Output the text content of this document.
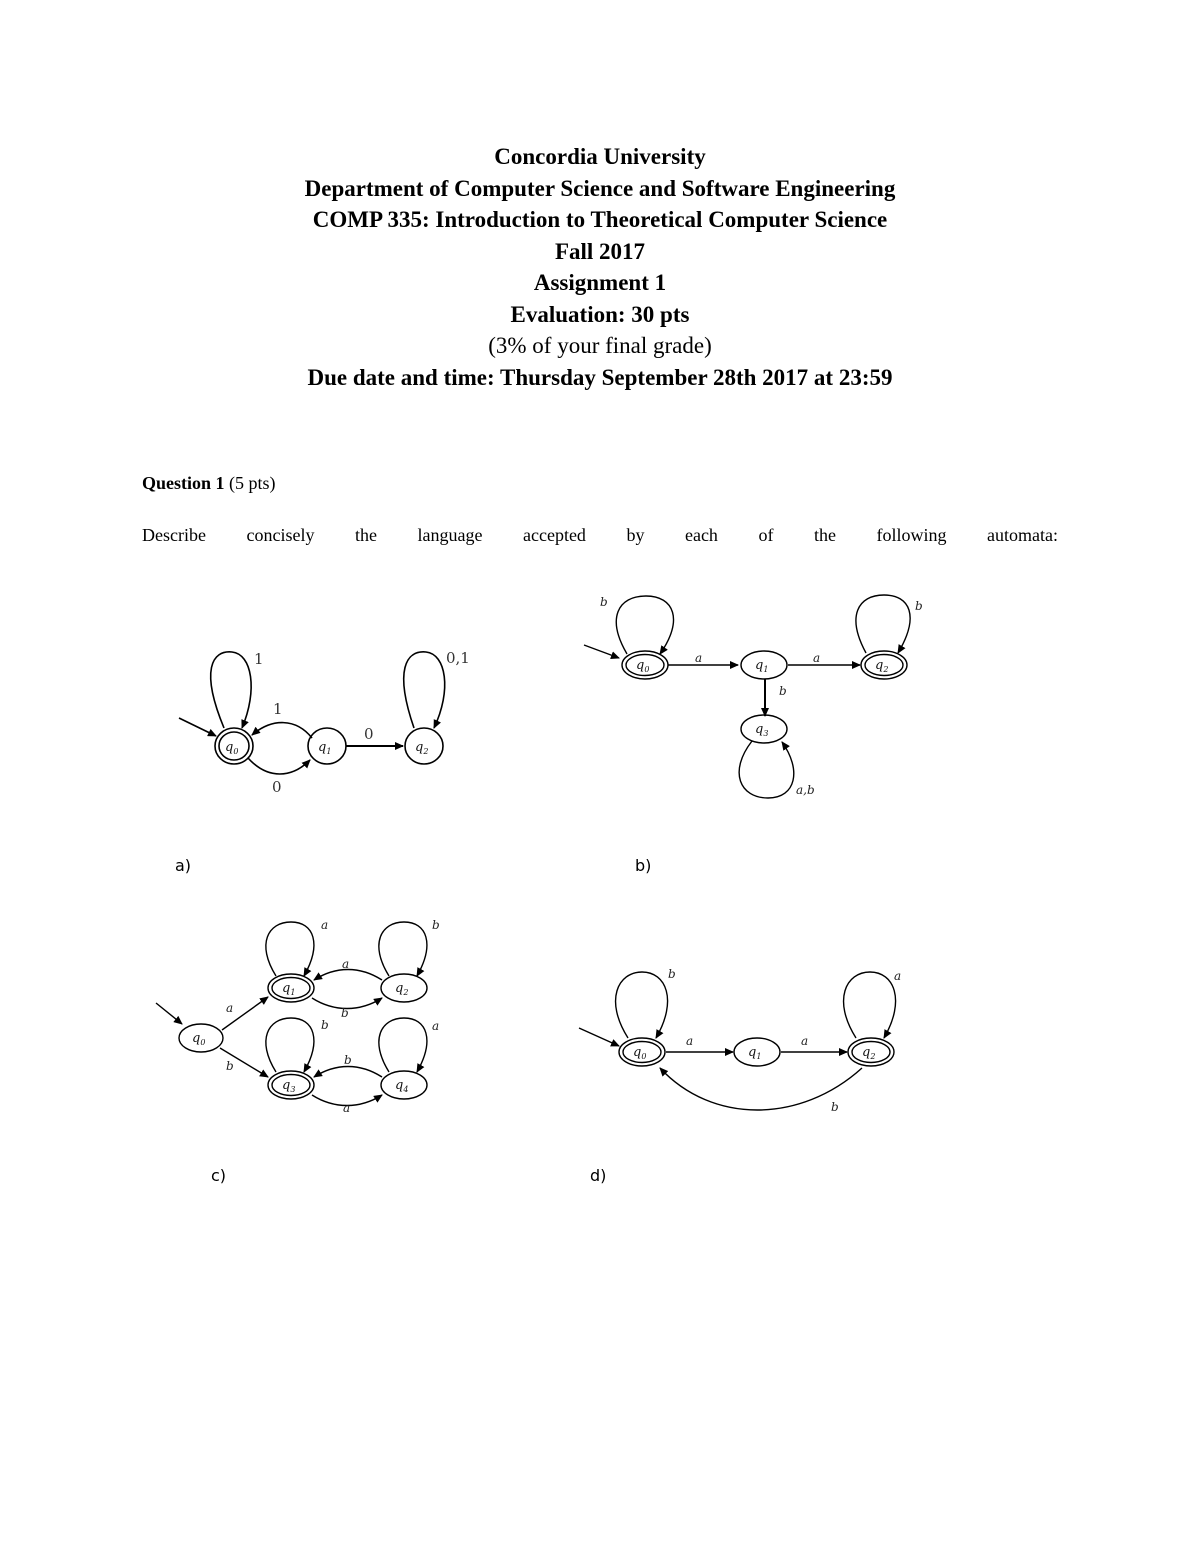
Concordia University
Department of Computer Science and Software Engineering
COMP 335: Introduction to Theoretical Computer Science
Fall 2017
Assignment 1
Evaluation: 30 pts
(3% of your final grade)
Due date and time: Thursday September 28th 2017 at 23:59
Question 1 (5 pts)
Describe concisely the language accepted by each of the following automata:
$q_0$	$q_1$	$q_2$
1
1
0
0
0,1	$q_0$	$q_1$	$q_2$
$q_3$
b
a	a
b
b
a,b
$q_0$
$q_1$	$q_2$
$q_3$	$q_4$
a
b
a	b
a
b
b	a
b
a
$q_0$	$q_1$	$q_2$
b
a	a
a
b
a)	b)
c)	d)
